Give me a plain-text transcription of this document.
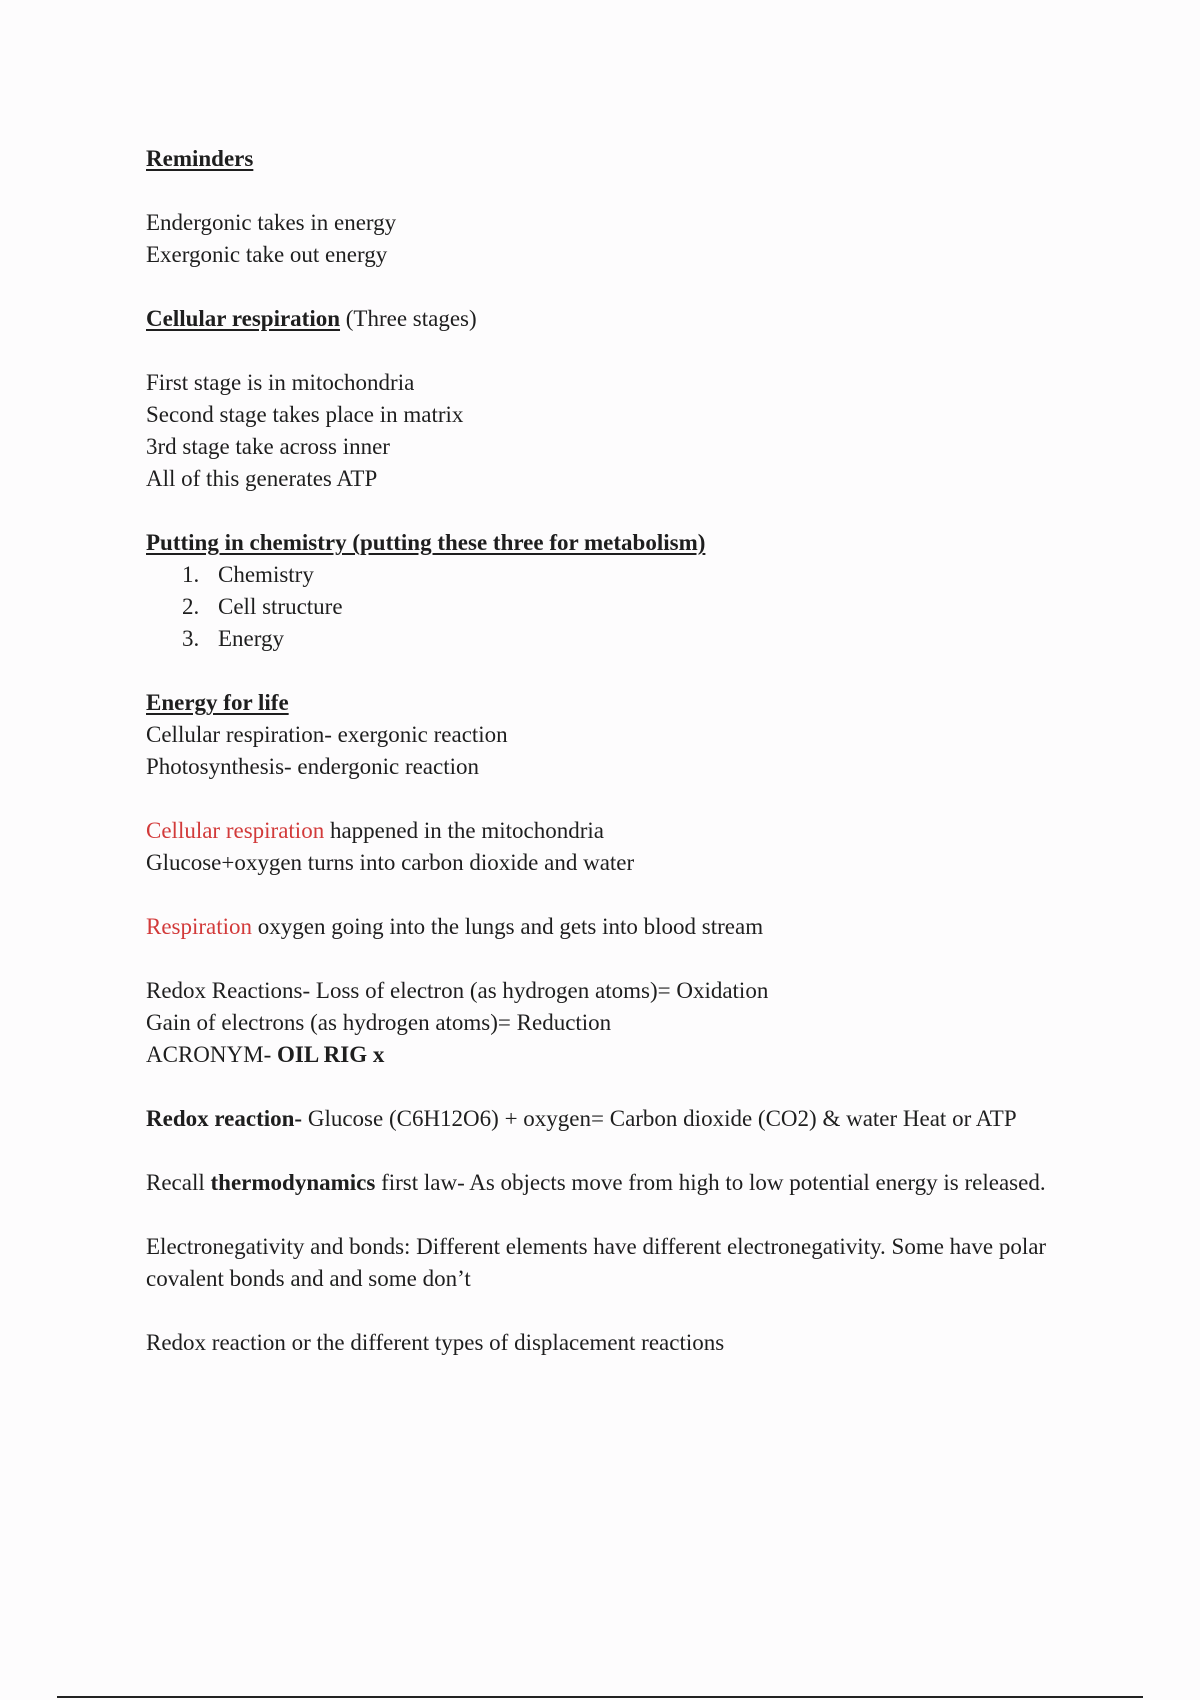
Reminders

Endergonic takes in energy

Exergonic take out energy

Cellular respiration (Three stages)

First stage is in mitochondria

Second stage takes place in matrix

3rd stage take across inner

All of this generates ATP

Putting in chemistry (putting these three for metabolism)

1. Chemistry
2. Cell structure
3. Energy

Energy for life

Cellular respiration- exergonic reaction

Photosynthesis- endergonic reaction

Cellular respiration happened in the mitochondria

Glucose+oxygen turns into carbon dioxide and water

Respiration oxygen going into the lungs and gets into blood stream

Redox Reactions- Loss of electron (as hydrogen atoms)= Oxidation

Gain of electrons (as hydrogen atoms)= Reduction

ACRONYM- OIL RIG x

Redox reaction- Glucose (C6H12O6) + oxygen= Carbon dioxide (CO2) & water Heat or ATP

Recall thermodynamics first law- As objects move from high to low potential energy is released.

Electronegativity and bonds: Different elements have different electronegativity. Some have polar covalent bonds and and some don’t

Redox reaction or the different types of displacement reactions
